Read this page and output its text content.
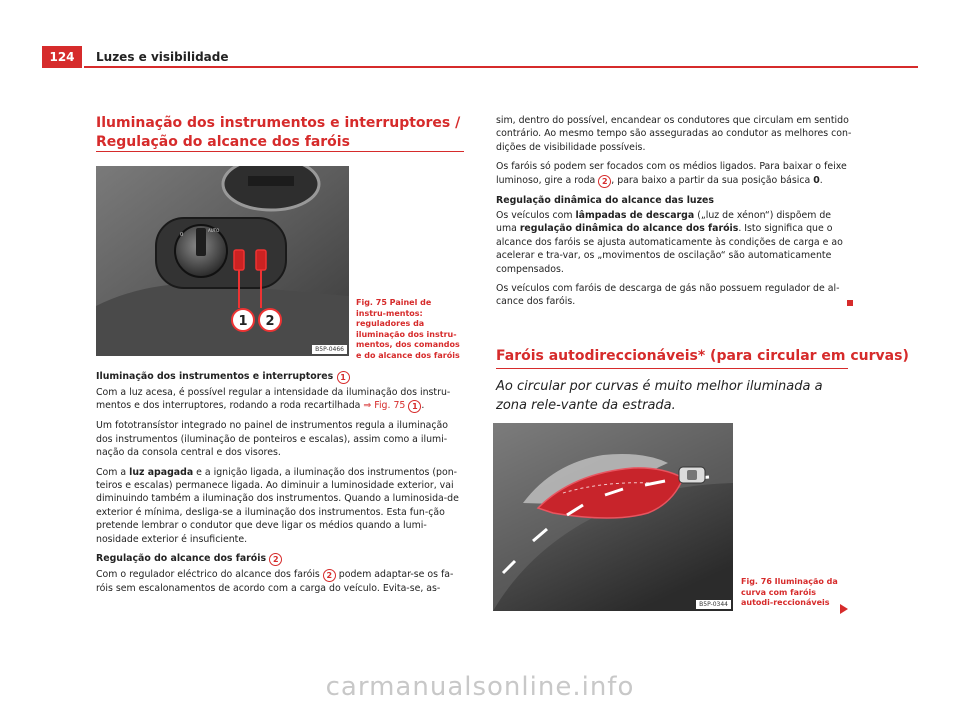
124	Luzes e visibilidade
Iluminação dos instrumentos e interruptores / Regulação do alcance dos faróis
AUTO
0
1 2
B5P-0466
Fig. 75 Painel de instru-mentos: reguladores da iluminação dos instru-mentos, dos comandos e do alcance dos faróis

Iluminação dos instrumentos e interruptores 1

Com a luz acesa, é possível regular a intensidade da iluminação dos instru-mentos e dos interruptores, rodando a roda recartilhada ⇒ Fig. 75 1 .

Um fototransístor integrado no painel de instrumentos regula a iluminação dos instrumentos (iluminação de ponteiros e escalas), assim como a ilumi-nação da consola central e dos visores.

Com a luz apagada e a ignição ligada, a iluminação dos instrumentos (pon-teiros e escalas) permanece ligada. Ao diminuir a luminosidade exterior, vai diminuindo também a iluminação dos instrumentos. Quando a luminosida-de exterior é mínima, desliga-se a iluminação dos instrumentos. Esta fun-ção pretende lembrar o condutor que deve ligar os médios quando a lumi-nosidade exterior é insuficiente.

Regulação do alcance dos faróis 2

Com o regulador eléctrico do alcance dos faróis 2 podem adaptar-se os fa-róis sem escalonamentos de acordo com a carga do veículo. Evita-se, as-

sim, dentro do possível, encandear os condutores que circulam em sentido contrário. Ao mesmo tempo são asseguradas ao condutor as melhores con-dições de visibilidade possíveis.

Os faróis só podem ser focados com os médios ligados. Para baixar o feixe luminoso, gire a roda 2 , para baixo a partir da sua posição básica 0.

Regulação dinâmica do alcance das luzes

Os veículos com lâmpadas de descarga („luz de xénon“) dispõem de uma regulação dinâmica do alcance dos faróis. Isto significa que o alcance dos faróis se ajusta automaticamente às condições de carga e ao acelerar e tra-var, os „movimentos de oscilação“ são automaticamente compensados.

Os veículos com faróis de descarga de gás não possuem regulador de al-cance dos faróis.

Faróis autodireccionáveis* (para circular em curvas)
Ao circular por curvas é muito melhor iluminada a zona rele-vante da estrada.
B5P-0344
Fig. 76 Iluminação da curva com faróis autodi-reccionáveis
carmanualsonline.info
